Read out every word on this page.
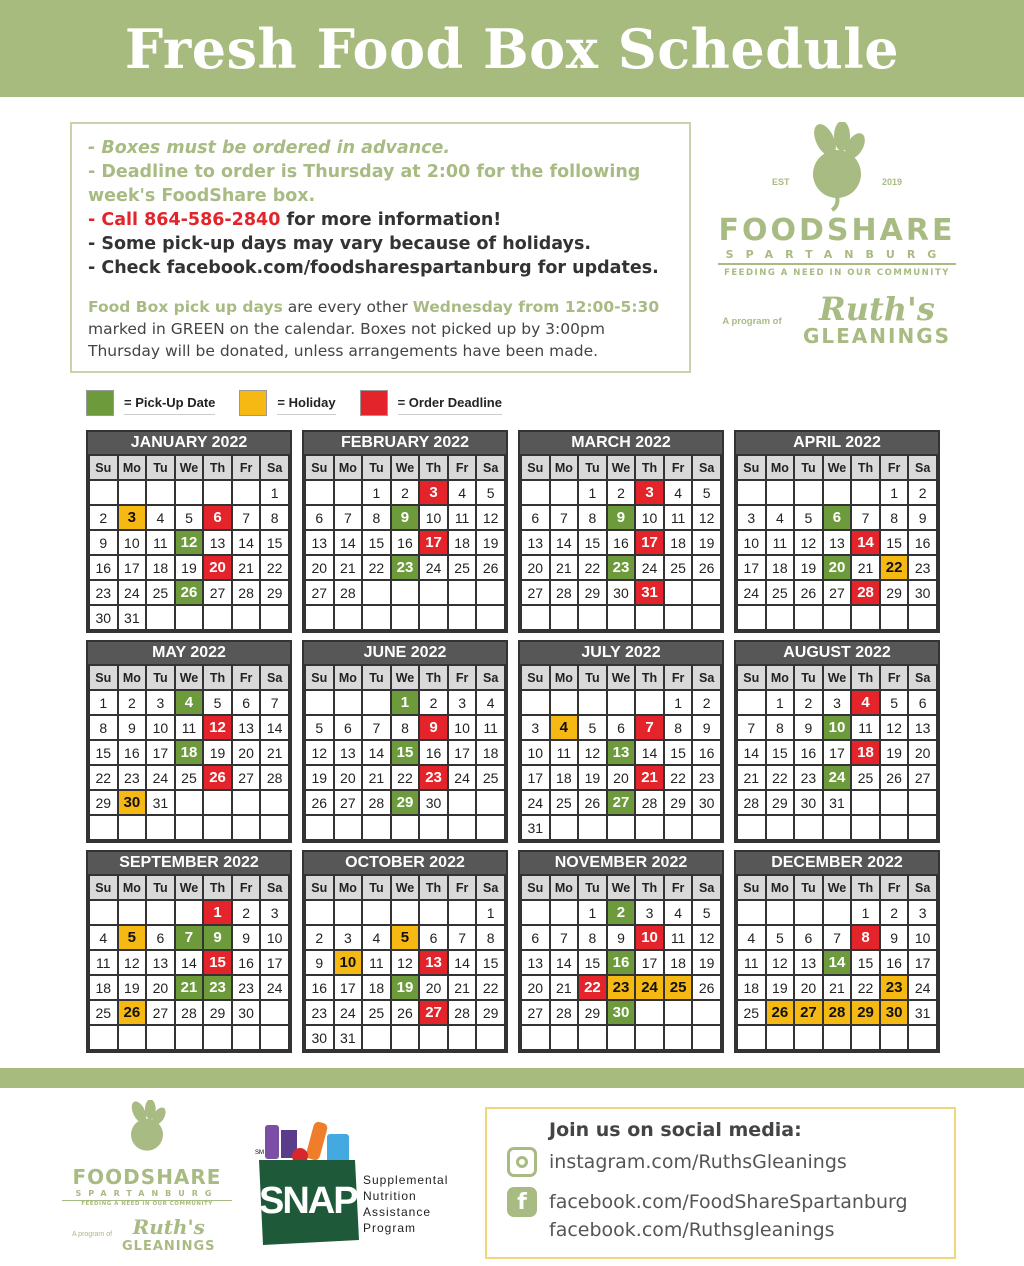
Fresh Food Box Schedule
- Boxes must be ordered in advance.
- Deadline to order is Thursday at 2:00 for the following
week's FoodShare box.
- Call 864-586-2840 for more information!
- Some pick-up days may vary because of holidays.
- Check facebook.com/foodsharespartanburg for updates.
Food Box pick up days are every other Wednesday from 12:00-5:30 marked in GREEN on the calendar. Boxes not picked up by 3:00pm Thursday will be donated, unless arrangements have been made.
EST	2019
FOODSHARE
SPARTANBURG
FEEDING A NEED IN OUR COMMUNITY
A program of	Ruth's
GLEANINGS
= Pick-Up Date	= Holiday	= Order Deadline
JANUARY 2022
Su	Mo	Tu	We	Th	Fr	Sa
						1
2	3	4	5	6	7	8
9	10	11	12	13	14	15
16	17	18	19	20	21	22
23	24	25	26	27	28	29
30	31					
FEBRUARY 2022
Su	Mo	Tu	We	Th	Fr	Sa
		1	2	3	4	5
6	7	8	9	10	11	12
13	14	15	16	17	18	19
20	21	22	23	24	25	26
27	28					

MARCH 2022
Su	Mo	Tu	We	Th	Fr	Sa
		1	2	3	4	5
6	7	8	9	10	11	12
13	14	15	16	17	18	19
20	21	22	23	24	25	26
27	28	29	30	31		

APRIL 2022
Su	Mo	Tu	We	Th	Fr	Sa
					1	2
3	4	5	6	7	8	9
10	11	12	13	14	15	16
17	18	19	20	21	22	23
24	25	26	27	28	29	30

MAY 2022
Su	Mo	Tu	We	Th	Fr	Sa
1	2	3	4	5	6	7
8	9	10	11	12	13	14
15	16	17	18	19	20	21
22	23	24	25	26	27	28
29	30	31				

JUNE 2022
Su	Mo	Tu	We	Th	Fr	Sa
			1	2	3	4
5	6	7	8	9	10	11
12	13	14	15	16	17	18
19	20	21	22	23	24	25
26	27	28	29	30		

JULY 2022
Su	Mo	Tu	We	Th	Fr	Sa
					1	2
3	4	5	6	7	8	9
10	11	12	13	14	15	16
17	18	19	20	21	22	23
24	25	26	27	28	29	30
31						
AUGUST 2022
Su	Mo	Tu	We	Th	Fr	Sa
	1	2	3	4	5	6
7	8	9	10	11	12	13
14	15	16	17	18	19	20
21	22	23	24	25	26	27
28	29	30	31			

SEPTEMBER 2022
Su	Mo	Tu	We	Th	Fr	Sa
				1	2	3
4	5	6	7	9	9	10
11	12	13	14	15	16	17
18	19	20	21	23	23	24
25	26	27	28	29	30	

OCTOBER 2022
Su	Mo	Tu	We	Th	Fr	Sa
						1
2	3	4	5	6	7	8
9	10	11	12	13	14	15
16	17	18	19	20	21	22
23	24	25	26	27	28	29
30	31					
NOVEMBER 2022
Su	Mo	Tu	We	Th	Fr	Sa
		1	2	3	4	5
6	7	8	9	10	11	12
13	14	15	16	17	18	19
20	21	22	23	24	25	26
27	28	29	30			

DECEMBER 2022
Su	Mo	Tu	We	Th	Fr	Sa
				1	2	3
4	5	6	7	8	9	10
11	12	13	14	15	16	17
18	19	20	21	22	23	24
25	26	27	28	29	30	31

FOODSHARE
SPARTANBURG
FEEDING A NEED IN OUR COMMUNITY
A program of	Ruth's
GLEANINGS
SM
SNAP Supplemental
Nutrition
Assistance
Program
Join us on social media:
instagram.com/RuthsGleanings
f	facebook.com/FoodShareSpartanburg
facebook.com/Ruthsgleanings
